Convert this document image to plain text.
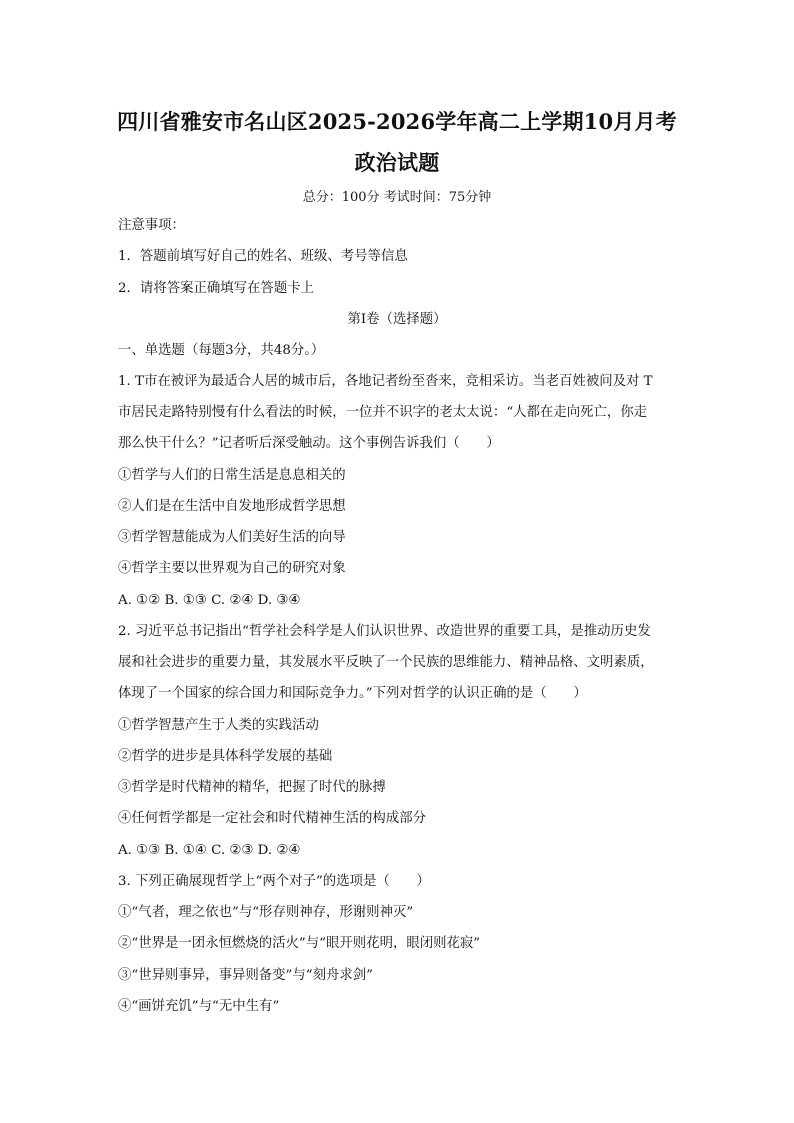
四川省雅安市名山区2025-2026学年高二上学期10月月考
政治试题
总分：100分 考试时间：75分钟
注意事项：
1．答题前填写好自己的姓名、班级、考号等信息
2．请将答案正确填写在答题卡上
第I卷（选择题）
一、单选题（每题3分，共48分。）
1. T市在被评为最适合人居的城市后，各地记者纷至沓来，竞相采访。当老百姓被问及对 T
市居民走路特别慢有什么看法的时候，一位并不识字的老太太说：“人都在走向死亡，你走
那么快干什么？”记者听后深受触动。这个事例告诉我们（　　）
①哲学与人们的日常生活是息息相关的
②人们是在生活中自发地形成哲学思想
③哲学智慧能成为人们美好生活的向导
④哲学主要以世界观为自己的研究对象
A. ①② B. ①③ C. ②④ D. ③④
2. 习近平总书记指出“哲学社会科学是人们认识世界、改造世界的重要工具，是推动历史发
展和社会进步的重要力量，其发展水平反映了一个民族的思维能力、精神品格、文明素质，
体现了一个国家的综合国力和国际竞争力。”下列对哲学的认识正确的是（　　）
①哲学智慧产生于人类的实践活动
②哲学的进步是具体科学发展的基础
③哲学是时代精神的精华，把握了时代的脉搏
④任何哲学都是一定社会和时代精神生活的构成部分
A. ①③ B. ①④ C. ②③ D. ②④
3. 下列正确展现哲学上“两个对子”的选项是（　　）
①“气者，理之依也”与“形存则神存，形谢则神灭”
②“世界是一团永恒燃烧的活火”与“眼开则花明，眼闭则花寂”
③“世异则事异，事异则备变”与“刻舟求剑”
④“画饼充饥”与“无中生有”
